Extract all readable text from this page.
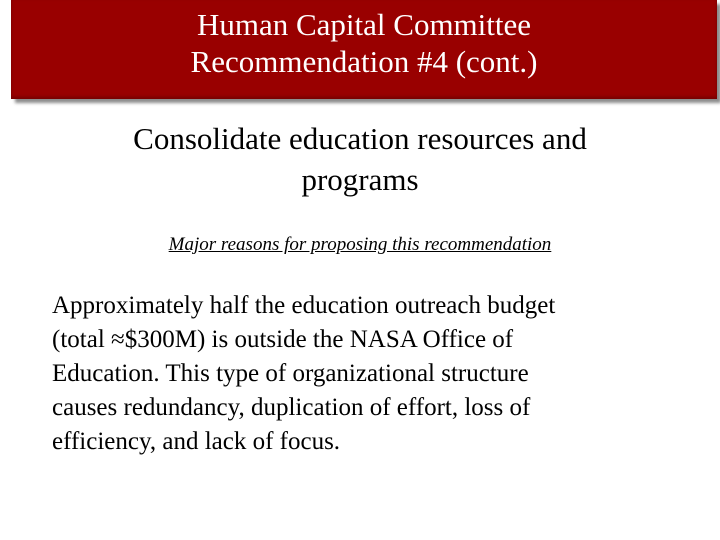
Human Capital Committee
Recommendation #4 (cont.)
Consolidate education resources and
programs
Major reasons for proposing this recommendation
Approximately half the education outreach budget
(total ≈$300M) is outside the NASA Office of
Education. This type of organizational structure
causes redundancy, duplication of effort, loss of
efficiency, and lack of focus.
